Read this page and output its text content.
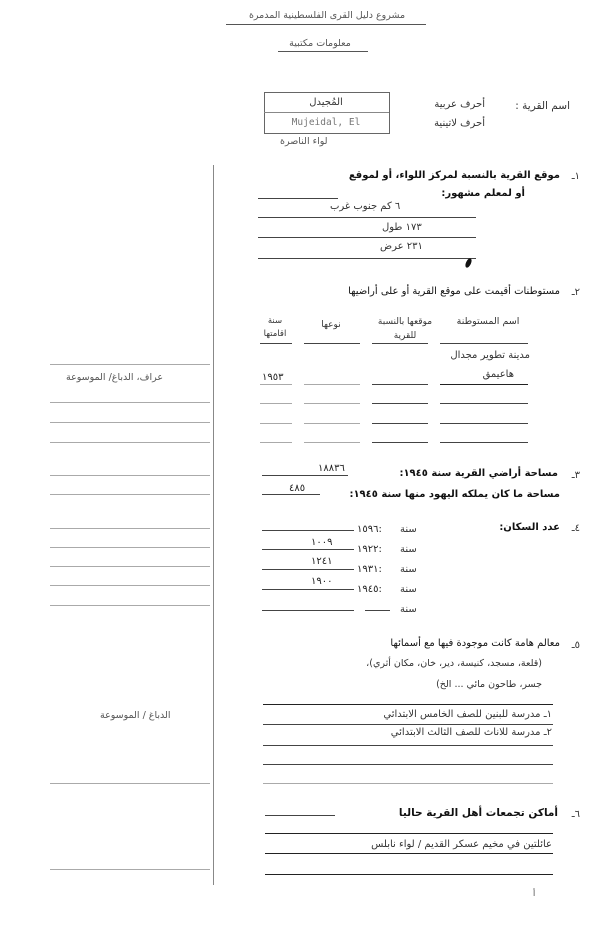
مشروع دليل القرى الفلسطينية المدمرة
معلومات مكتبية
اسم القرية :
أحرف عربية
أحرف لاتينية
المُجيدل
Mujeidal, El
لواء الناصرة
١ـ
موقع القرية بالنسبة لمركز اللواء، أو لموقع
أو لمعلم مشهور:
٦ كم جنوب غرب
١٧٣ طول
٢٣١ عرض
٢ـ
مستوطنات أقيمت على موقع القرية أو على أراضيها
اسم المستوطنة
موقعها بالنسبة للقرية
نوعها
سنة اقامتها
مدينة تطوير مجدال
هاعيمق
١٩٥٣
عراف، الدباغ/ الموسوعة
٣ـ
مساحة أراضي القرية سنة ١٩٤٥:
١٨٨٣٦
مساحة ما كان يملكه اليهود منها سنة ١٩٤٥:
٤٨٥
٤ـ
عدد السكان:
سنة
١٥٩٦:
سنة
١٩٢٢:
١٠٠٩
سنة
١٩٣١:
١٢٤١
سنة
١٩٤٥:
١٩٠٠
سنة
٥ـ
معالم هامة كانت موجودة فيها مع أسمائها
(قلعة، مسجد، كنيسة، دير، خان، مكان أثري)،
جسر، طاحون مائي ... الخ)
١ـ مدرسة للبنين للصف الخامس الابتدائي
٢ـ مدرسة للاناث للصف الثالث الابتدائي
الدباغ / الموسوعة
٦ـ
أماكن تجمعات أهل القرية حاليا
عائلتين في مخيم عسكر القديم / لواء نابلس
أ
